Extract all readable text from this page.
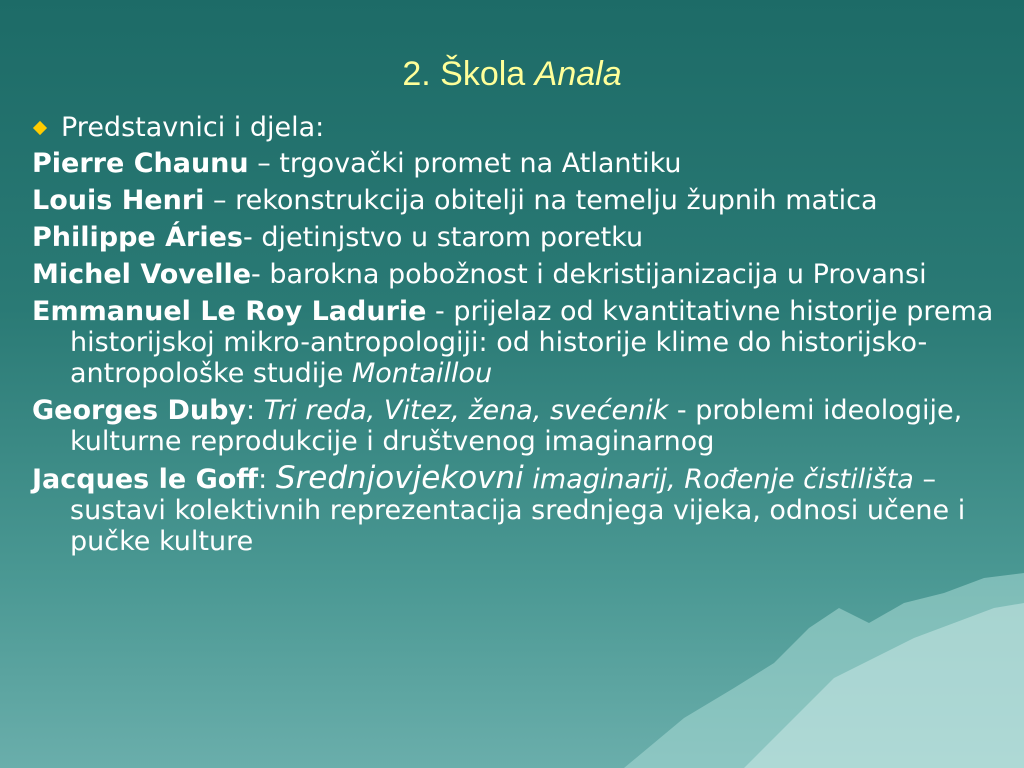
2. Škola Anala
Predstavnici i djela:
Pierre Chaunu – trgovački promet na Atlantiku
Louis Henri – rekonstrukcija obitelji na temelju župnih matica
Philippe Áries- djetinjstvo u starom poretku
Michel Vovelle- barokna pobožnost i dekristijanizacija u Provansi
Emmanuel Le Roy Ladurie - prijelaz od kvantitativne historije prema historijskoj mikro-antropologiji: od historije klime do historijsko-antropološke studije Montaillou
Georges Duby: Tri reda, Vitez, žena, svećenik - problemi ideologije, kulturne reprodukcije i društvenog imaginarnog
Jacques le Goff: Srednjovjekovni imaginarij, Rođenje čistilišta – sustavi kolektivnih reprezentacija srednjega vijeka, odnosi učene i pučke kulture
